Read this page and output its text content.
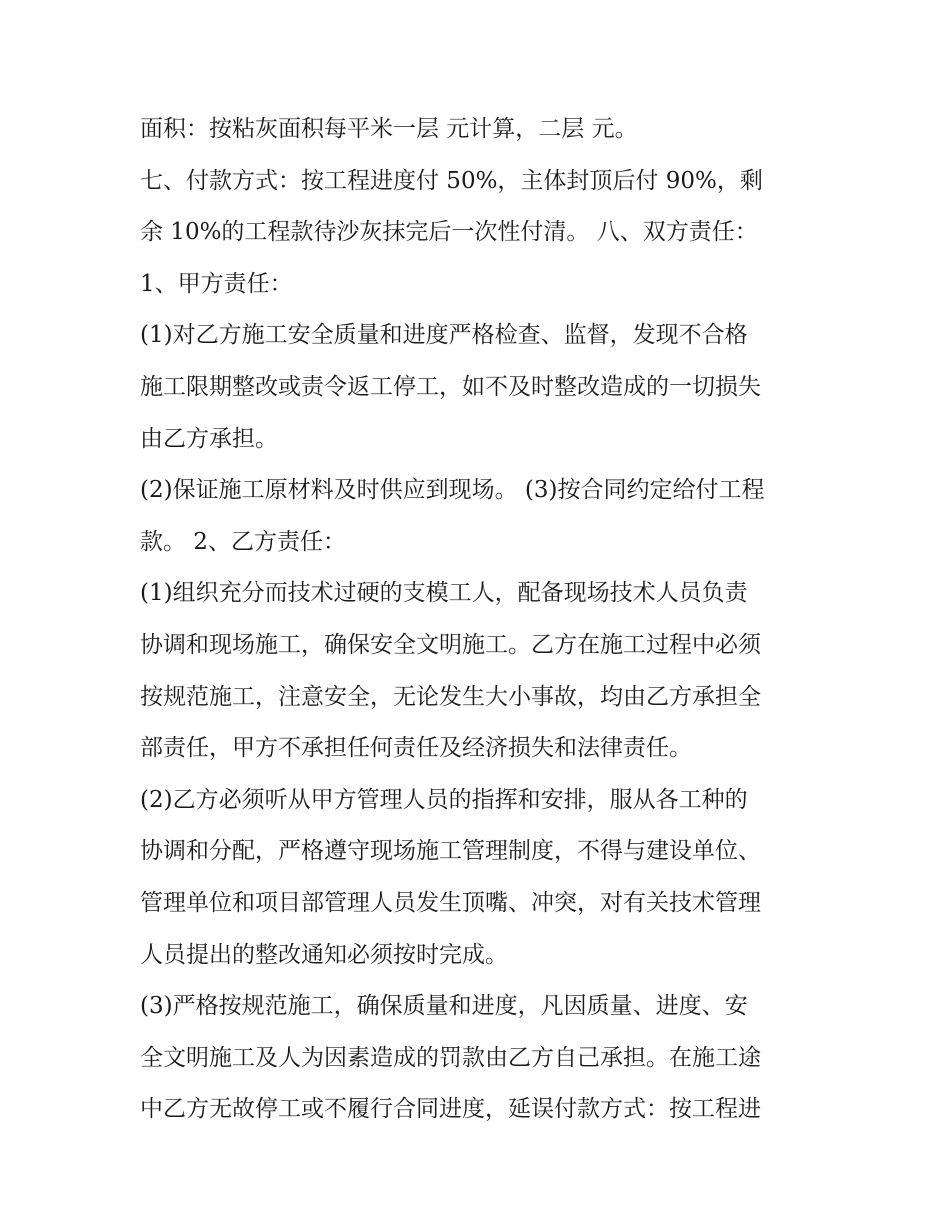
面积：按粘灰面积每平米一层 元计算，二层 元。
七、付款方式：按工程进度付 50%，主体封顶后付 90%，剩
余 10%的工程款待沙灰抹完后一次性付清。 八、双方责任：
1、甲方责任：
(1)对乙方施工安全质量和进度严格检查、监督，发现不合格
施工限期整改或责令返工停工，如不及时整改造成的一切损失
由乙方承担。
(2)保证施工原材料及时供应到现场。 (3)按合同约定给付工程
款。 2、乙方责任：
(1)组织充分而技术过硬的支模工人，配备现场技术人员负责
协调和现场施工，确保安全文明施工。乙方在施工过程中必须
按规范施工，注意安全，无论发生大小事故，均由乙方承担全
部责任，甲方不承担任何责任及经济损失和法律责任。
(2)乙方必须听从甲方管理人员的指挥和安排，服从各工种的
协调和分配，严格遵守现场施工管理制度，不得与建设单位、
管理单位和项目部管理人员发生顶嘴、冲突，对有关技术管理
人员提出的整改通知必须按时完成。
(3)严格按规范施工，确保质量和进度，凡因质量、进度、安
全文明施工及人为因素造成的罚款由乙方自己承担。在施工途
中乙方无故停工或不履行合同进度，延误付款方式：按工程进
